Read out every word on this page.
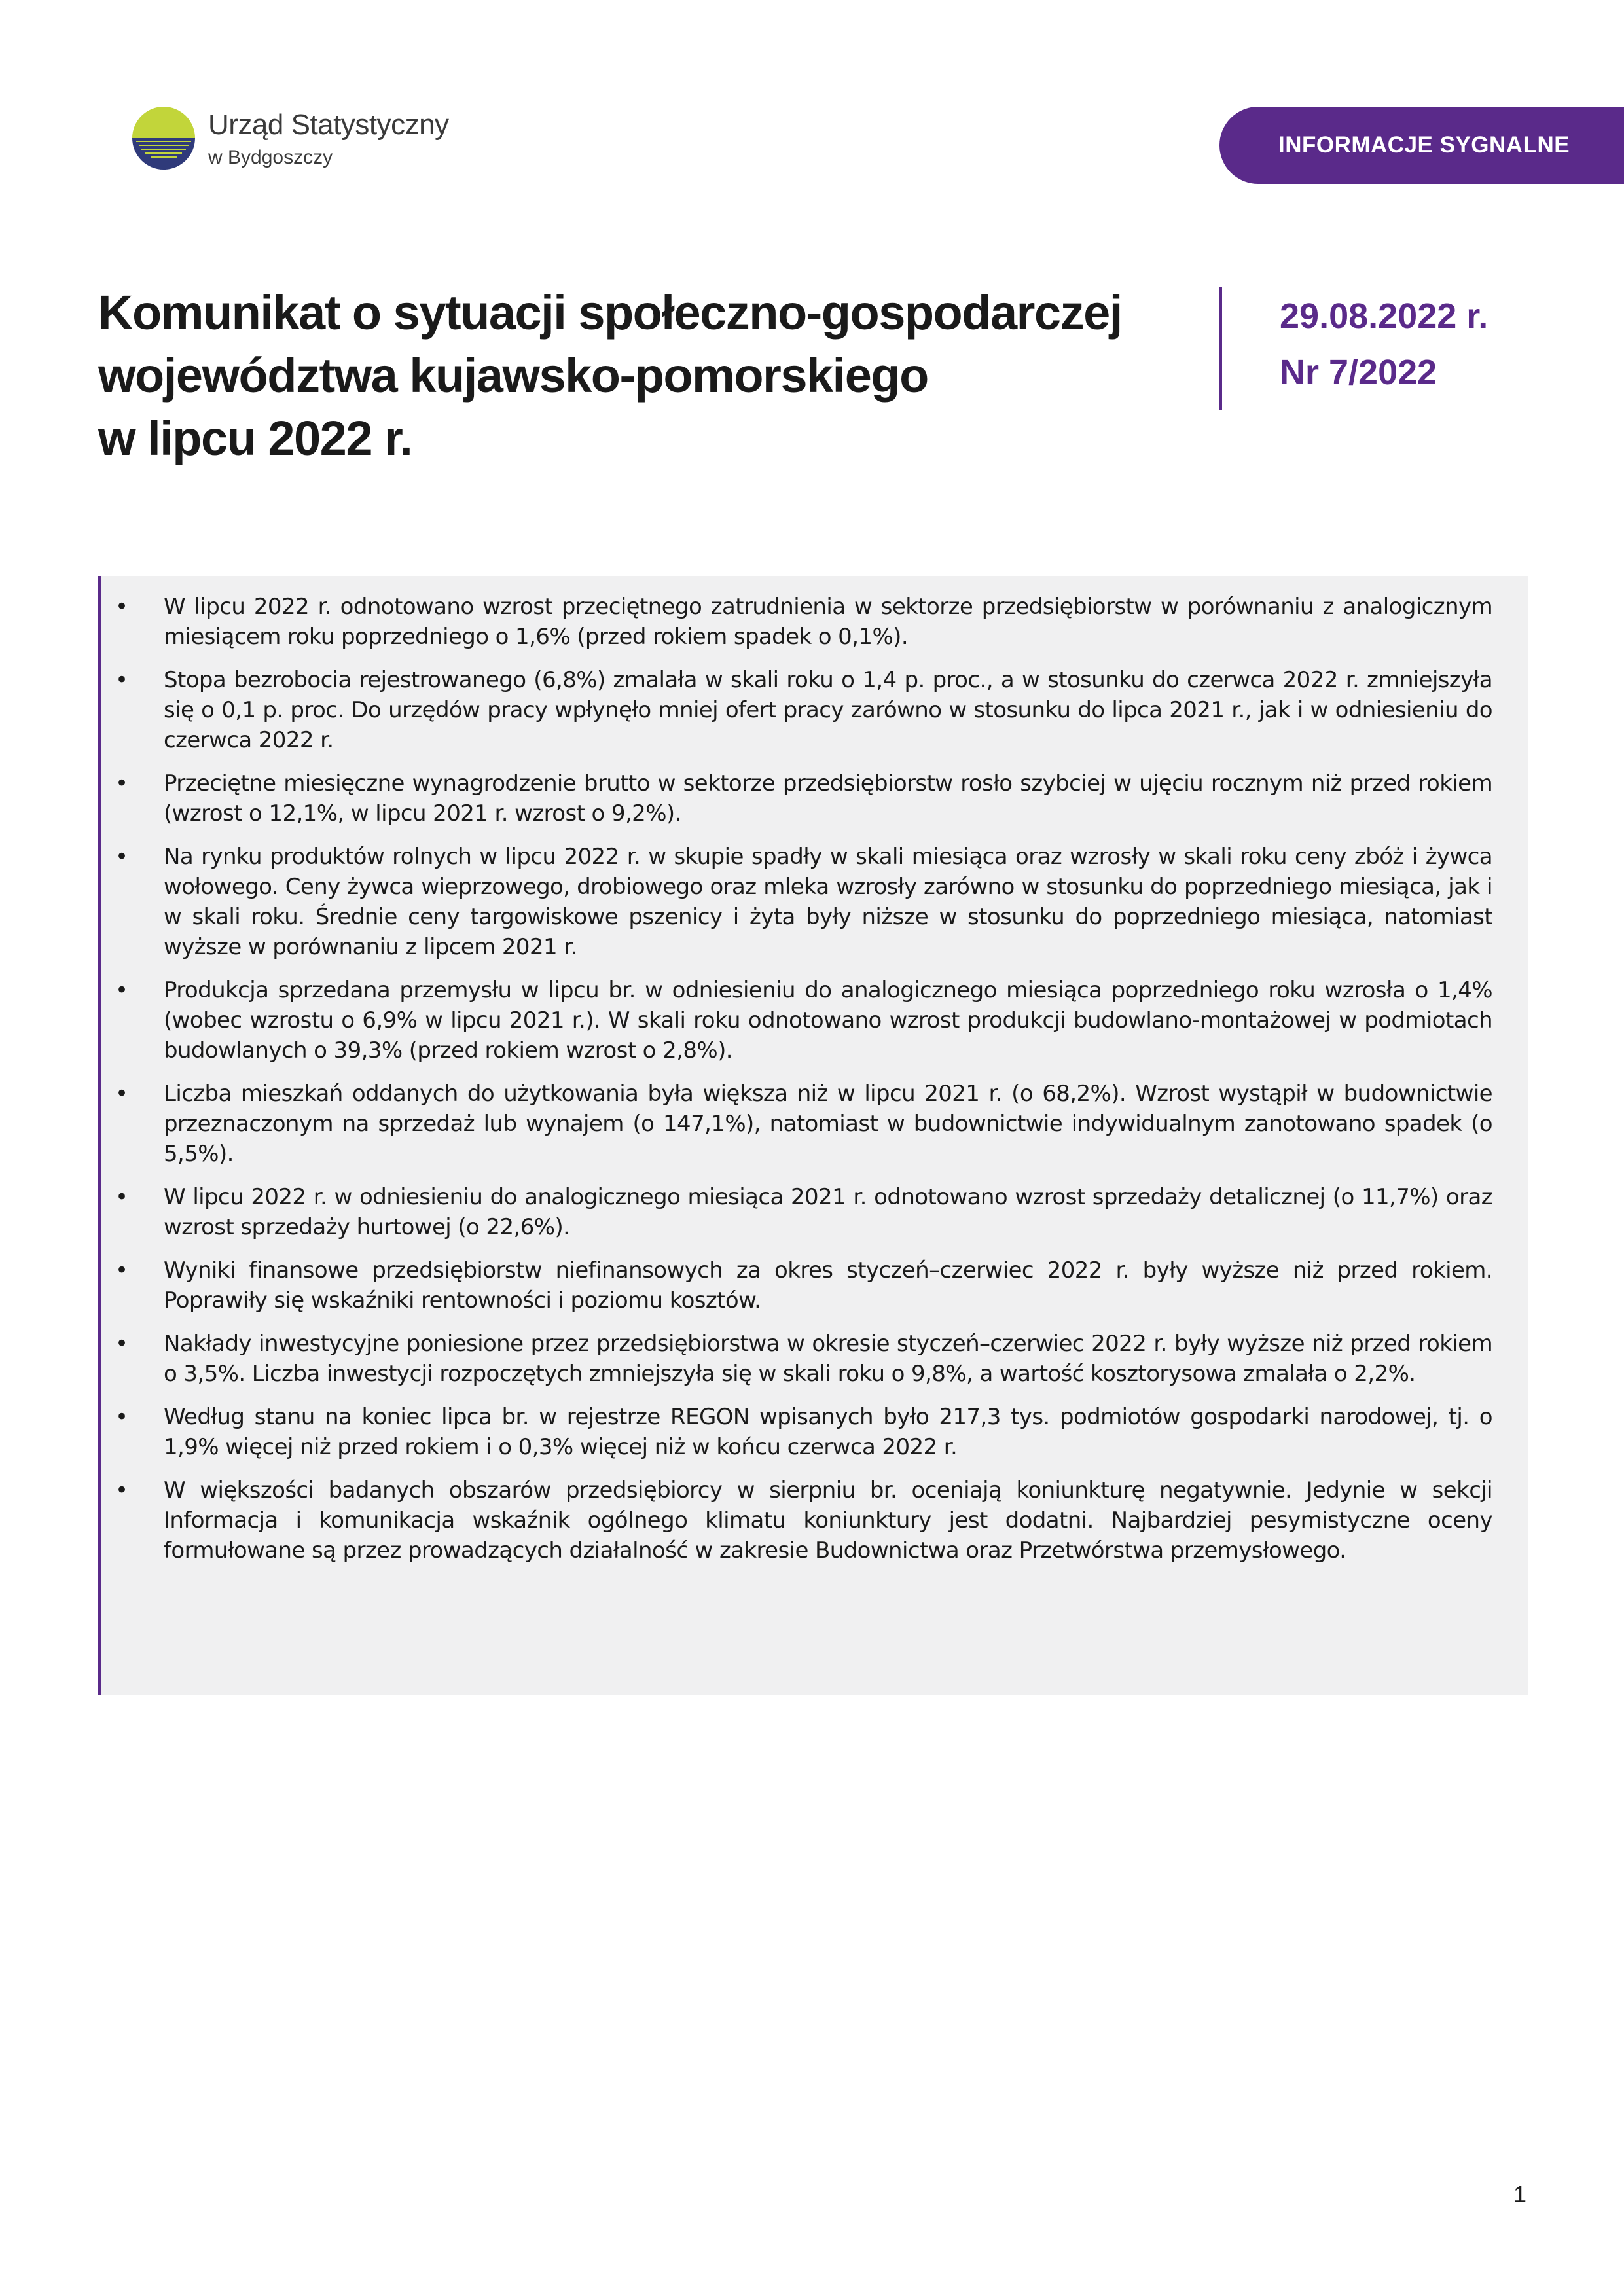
Urząd Statystyczny
w Bydgoszczy	INFORMACJE SYGNALNE
Komunikat o sytuacji społeczno-gospodarczej
województwa kujawsko-pomorskiego
w lipcu 2022 r.
29.08.2022 r.
Nr 7/2022
• W lipcu 2022 r. odnotowano wzrost przeciętnego zatrudnienia w sektorze przedsiębiorstw w porównaniu z analogicznym miesiącem roku poprzedniego o 1,6% (przed rokiem spadek o 0,1%).
• Stopa bezrobocia rejestrowanego (6,8%) zmalała w skali roku o 1,4 p. proc., a w stosunku do czerwca 2022 r. zmniejszyła się o 0,1 p. proc. Do urzędów pracy wpłynęło mniej ofert pracy zarówno w stosunku do lipca 2021 r., jak i w odniesieniu do czerwca 2022 r.
• Przeciętne miesięczne wynagrodzenie brutto w sektorze przedsiębiorstw rosło szybciej w ujęciu rocznym niż przed rokiem (wzrost o 12,1%, w lipcu 2021 r. wzrost o 9,2%).
• Na rynku produktów rolnych w lipcu 2022 r. w skupie spadły w skali miesiąca oraz wzrosły w skali roku ceny zbóż i żywca wołowego. Ceny żywca wieprzowego, drobiowego oraz mleka wzrosły zarówno w stosunku do poprzedniego miesiąca, jak i w skali roku. Średnie ceny targowiskowe pszenicy i żyta były niższe w stosunku do poprzedniego miesiąca, natomiast wyższe w porównaniu z lipcem 2021 r.
• Produkcja sprzedana przemysłu w lipcu br. w odniesieniu do analogicznego miesiąca poprzedniego roku wzrosła o 1,4% (wobec wzrostu o 6,9% w lipcu 2021 r.). W skali roku odnotowano wzrost produkcji budowlano-montażowej w podmiotach budowlanych o 39,3% (przed rokiem wzrost o 2,8%).
• Liczba mieszkań oddanych do użytkowania była większa niż w lipcu 2021 r. (o 68,2%). Wzrost wystąpił w budownictwie przeznaczonym na sprzedaż lub wynajem (o 147,1%), natomiast w budownictwie indywidualnym zanotowano spadek (o 5,5%).
• W lipcu 2022 r. w odniesieniu do analogicznego miesiąca 2021 r. odnotowano wzrost sprzedaży detalicznej (o 11,7%) oraz wzrost sprzedaży hurtowej (o 22,6%).
• Wyniki finansowe przedsiębiorstw niefinansowych za okres styczeń–czerwiec 2022 r. były wyższe niż przed rokiem. Poprawiły się wskaźniki rentowności i poziomu kosztów.
• Nakłady inwestycyjne poniesione przez przedsiębiorstwa w okresie styczeń–czerwiec 2022 r. były wyższe niż przed rokiem o 3,5%. Liczba inwestycji rozpoczętych zmniejszyła się w skali roku o 9,8%, a wartość kosztorysowa zmalała o 2,2%.
• Według stanu na koniec lipca br. w rejestrze REGON wpisanych było 217,3 tys. podmiotów gospodarki narodowej, tj. o 1,9% więcej niż przed rokiem i o 0,3% więcej niż w końcu czerwca 2022 r.
• W większości badanych obszarów przedsiębiorcy w sierpniu br. oceniają koniunkturę negatywnie. Jedynie w sekcji Informacja i komunikacja wskaźnik ogólnego klimatu koniunktury jest dodatni. Najbardziej pesymistyczne oceny formułowane są przez prowadzących działalność w zakresie Budownictwa oraz Przetwórstwa przemysłowego.
1
